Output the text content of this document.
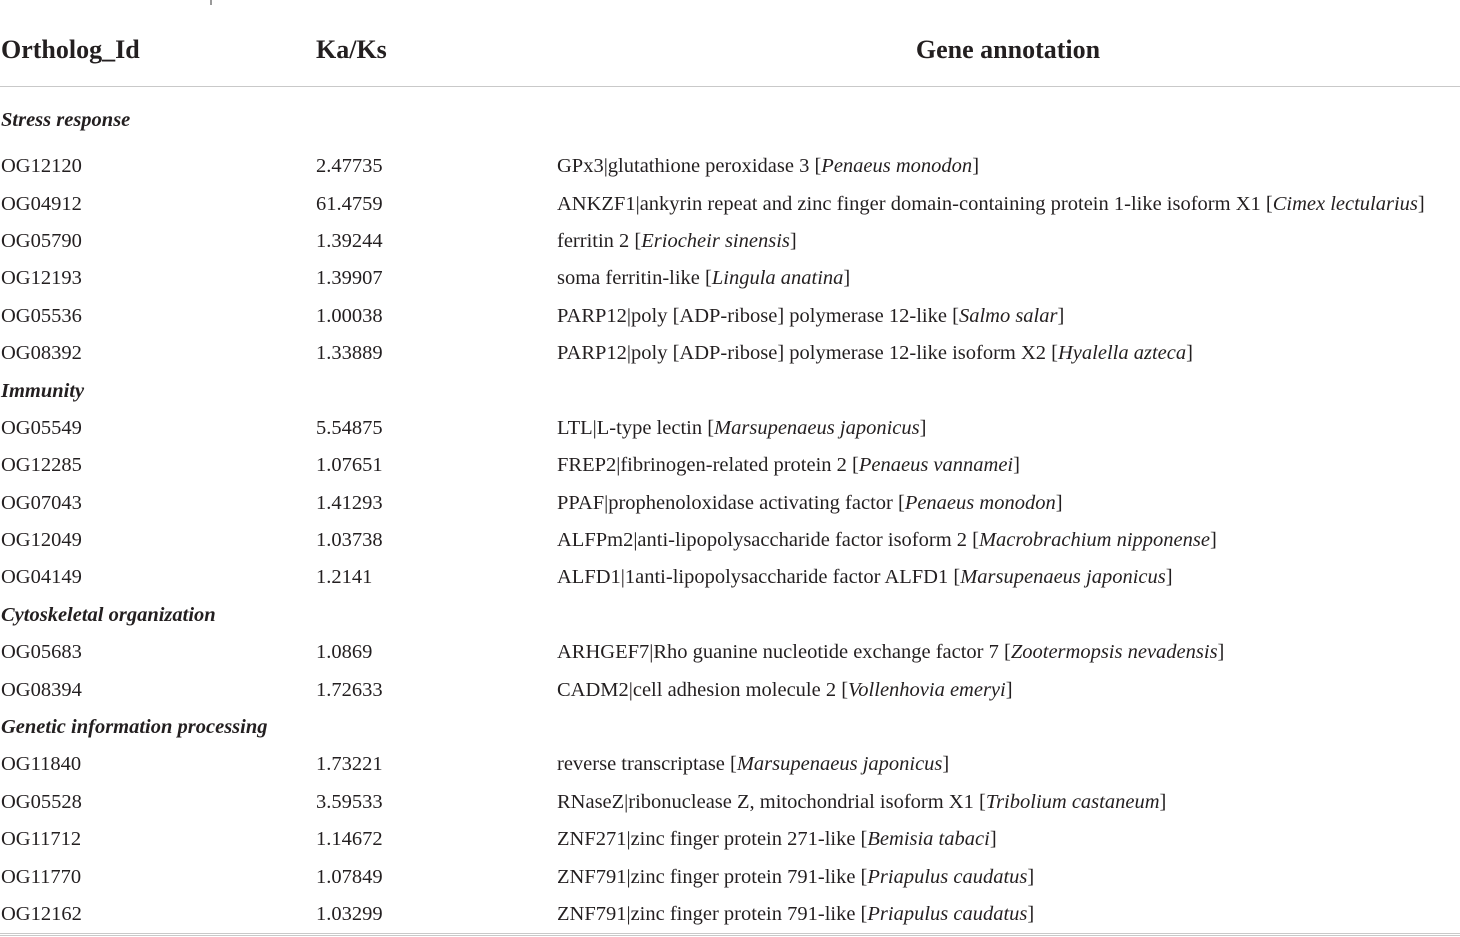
Ortholog_Id	Ka/Ks	Gene annotation
Stress response		
OG12120	2.47735	GPx3|glutathione peroxidase 3 [Penaeus monodon]
OG04912	61.4759	ANKZF1|ankyrin repeat and zinc finger domain-containing protein 1-like isoform X1 [Cimex lectularius]
OG05790	1.39244	ferritin 2 [Eriocheir sinensis]
OG12193	1.39907	soma ferritin-like [Lingula anatina]
OG05536	1.00038	PARP12|poly [ADP-ribose] polymerase 12-like [Salmo salar]
OG08392	1.33889	PARP12|poly [ADP-ribose] polymerase 12-like isoform X2 [Hyalella azteca]
Immunity		
OG05549	5.54875	LTL|L-type lectin [Marsupenaeus japonicus]
OG12285	1.07651	FREP2|fibrinogen-related protein 2 [Penaeus vannamei]
OG07043	1.41293	PPAF|prophenoloxidase activating factor [Penaeus monodon]
OG12049	1.03738	ALFPm2|anti-lipopolysaccharide factor isoform 2 [Macrobrachium nipponense]
OG04149	1.2141	ALFD1|1anti-lipopolysaccharide factor ALFD1 [Marsupenaeus japonicus]
Cytoskeletal organization		
OG05683	1.0869	ARHGEF7|Rho guanine nucleotide exchange factor 7 [Zootermopsis nevadensis]
OG08394	1.72633	CADM2|cell adhesion molecule 2 [Vollenhovia emeryi]
Genetic information processing		
OG11840	1.73221	reverse transcriptase [Marsupenaeus japonicus]
OG05528	3.59533	RNaseZ|ribonuclease Z, mitochondrial isoform X1 [Tribolium castaneum]
OG11712	1.14672	ZNF271|zinc finger protein 271-like [Bemisia tabaci]
OG11770	1.07849	ZNF791|zinc finger protein 791-like [Priapulus caudatus]
OG12162	1.03299	ZNF791|zinc finger protein 791-like [Priapulus caudatus]
